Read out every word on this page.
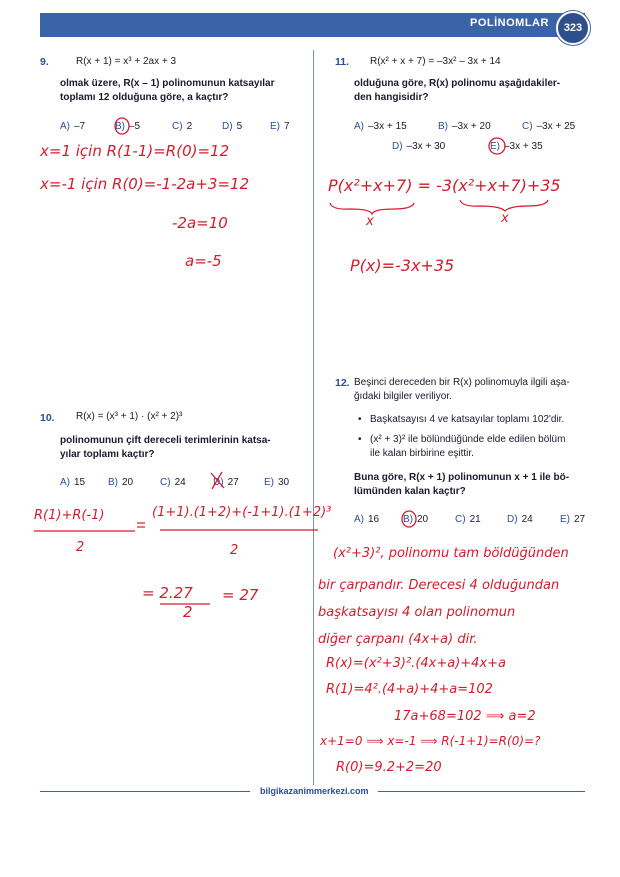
POLİNOMLAR	323
9.	R(x + 1) = x³ + 2ax + 3
olmak üzere, R(x – 1) polinomunun katsayılar
toplamı 12 olduğuna göre, a kaçtır?
A) –7	B) –5	C) 2	D) 5	E) 7
x=1 için R(1-1)=R(0)=12
x=-1 için R(0)=-1-2a+3=12
-2a=10
a=-5
10. R(x) = (x³ + 1) · (x² + 2)³
polinomunun çift dereceli terimlerinin katsa-
yılar toplamı kaçtır?
A) 15 B) 20	C) 24	D) 27	E) 30
R(1)+R(-1)	(1+1).(1+2)+(-1+1).(1+2)³
2	2
= 2.27
2
= 27
11. R(x² + x + 7) = –3x² – 3x + 14
olduğuna göre, R(x) polinomu aşağıdakiler-
den hangisidir?
A) –3x + 15	B) –3x + 20	C) –3x + 25
D) –3x + 30	E) –3x + 35
P(x²+x+7) = -3(x²+x+7)+35
x	x
P(x)=-3x+35
12. Beşinci dereceden bir R(x) polinomuyla ilgili aşa-
ğıdaki bilgiler veriliyor.
• Başkatsayısı 4 ve katsayılar toplamı 102'dir.
• (x² + 3)² ile bölündüğünde elde edilen bölüm
ile kalan birbirine eşittir.
Buna göre, R(x + 1) polinomunun x + 1 ile bö-
lümünden kalan kaçtır?
A) 16 B) 20	C) 21	D) 24	E) 27
(x²+3)², polinomu tam böldüğünden
bir çarpandır. Derecesi 4 olduğundan
başkatsayısı 4 olan polinomun
diğer çarpanı (4x+a) dir.
R(x)=(x²+3)².(4x+a)+4x+a
R(1)=4².(4+a)+4+a=102
17a+68=102 ⟹ a=2
x+1=0 ⟹ x=-1 ⟹ R(-1+1)=R(0)=?
R(0)=9.2+2=20
bilgikazanimmerkezi.com
